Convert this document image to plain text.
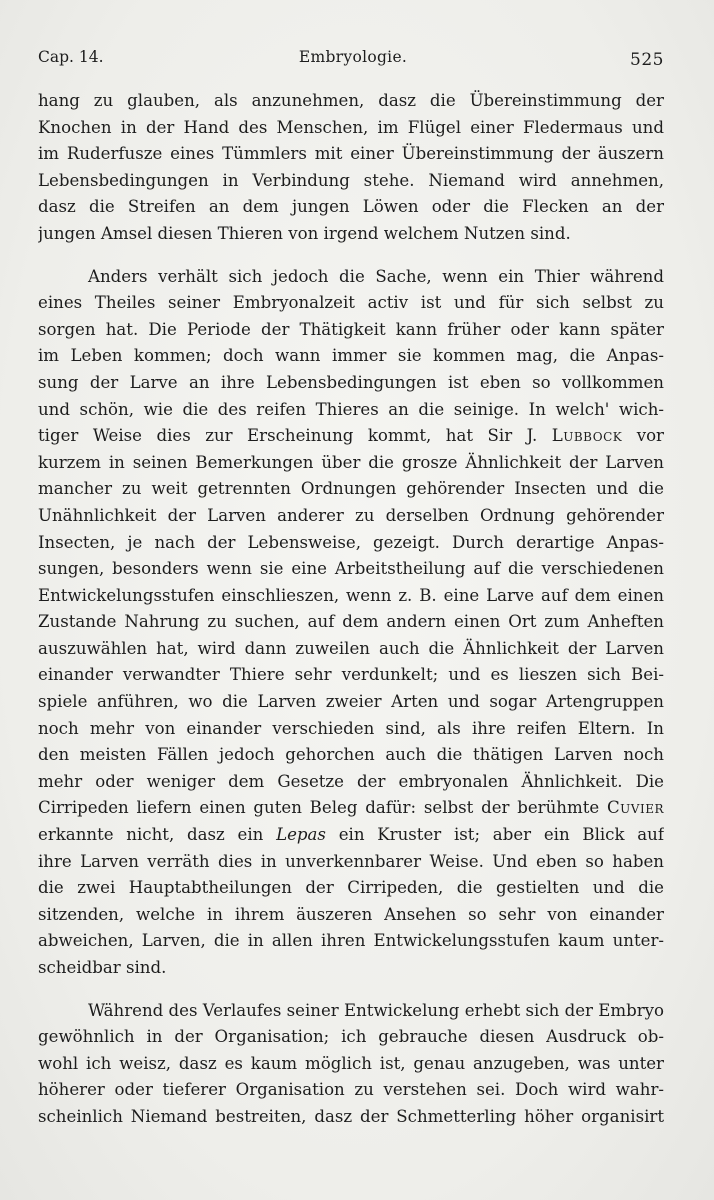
Cap. 14.	Embryologie.	525
hang zu glauben, als anzunehmen, dasz die Übereinstimmung der
Knochen in der Hand des Menschen, im Flügel einer Fledermaus und
im Ruderfusze eines Tümmlers mit einer Übereinstimmung der äuszern
Lebensbedingungen in Verbindung stehe. Niemand wird annehmen,
dasz die Streifen an dem jungen Löwen oder die Flecken an der
jungen Amsel diesen Thieren von irgend welchem Nutzen sind.
Anders verhält sich jedoch die Sache, wenn ein Thier während
eines Theiles seiner Embryonalzeit activ ist und für sich selbst zu
sorgen hat. Die Periode der Thätigkeit kann früher oder kann später
im Leben kommen; doch wann immer sie kommen mag, die Anpas-
sung der Larve an ihre Lebensbedingungen ist eben so vollkommen
und schön, wie die des reifen Thieres an die seinige. In welch' wich-
tiger Weise dies zur Erscheinung kommt, hat Sir J. Lubbock vor
kurzem in seinen Bemerkungen über die grosze Ähnlichkeit der Larven
mancher zu weit getrennten Ordnungen gehörender Insecten und die
Unähnlichkeit der Larven anderer zu derselben Ordnung gehörender
Insecten, je nach der Lebensweise, gezeigt. Durch derartige Anpas-
sungen, besonders wenn sie eine Arbeitstheilung auf die verschiedenen
Entwickelungsstufen einschlieszen, wenn z. B. eine Larve auf dem einen
Zustande Nahrung zu suchen, auf dem andern einen Ort zum Anheften
auszuwählen hat, wird dann zuweilen auch die Ähnlichkeit der Larven
einander verwandter Thiere sehr verdunkelt; und es lieszen sich Bei-
spiele anführen, wo die Larven zweier Arten und sogar Artengruppen
noch mehr von einander verschieden sind, als ihre reifen Eltern. In
den meisten Fällen jedoch gehorchen auch die thätigen Larven noch
mehr oder weniger dem Gesetze der embryonalen Ähnlichkeit. Die
Cirripeden liefern einen guten Beleg dafür: selbst der berühmte Cuvier
erkannte nicht, dasz ein Lepas ein Kruster ist; aber ein Blick auf
ihre Larven verräth dies in unverkennbarer Weise. Und eben so haben
die zwei Hauptabtheilungen der Cirripeden, die gestielten und die
sitzenden, welche in ihrem äuszeren Ansehen so sehr von einander
abweichen, Larven, die in allen ihren Entwickelungsstufen kaum unter-
scheidbar sind.
Während des Verlaufes seiner Entwickelung erhebt sich der Embryo
gewöhnlich in der Organisation; ich gebrauche diesen Ausdruck ob-
wohl ich weisz, dasz es kaum möglich ist, genau anzugeben, was unter
höherer oder tieferer Organisation zu verstehen sei. Doch wird wahr-
scheinlich Niemand bestreiten, dasz der Schmetterling höher organisirt
